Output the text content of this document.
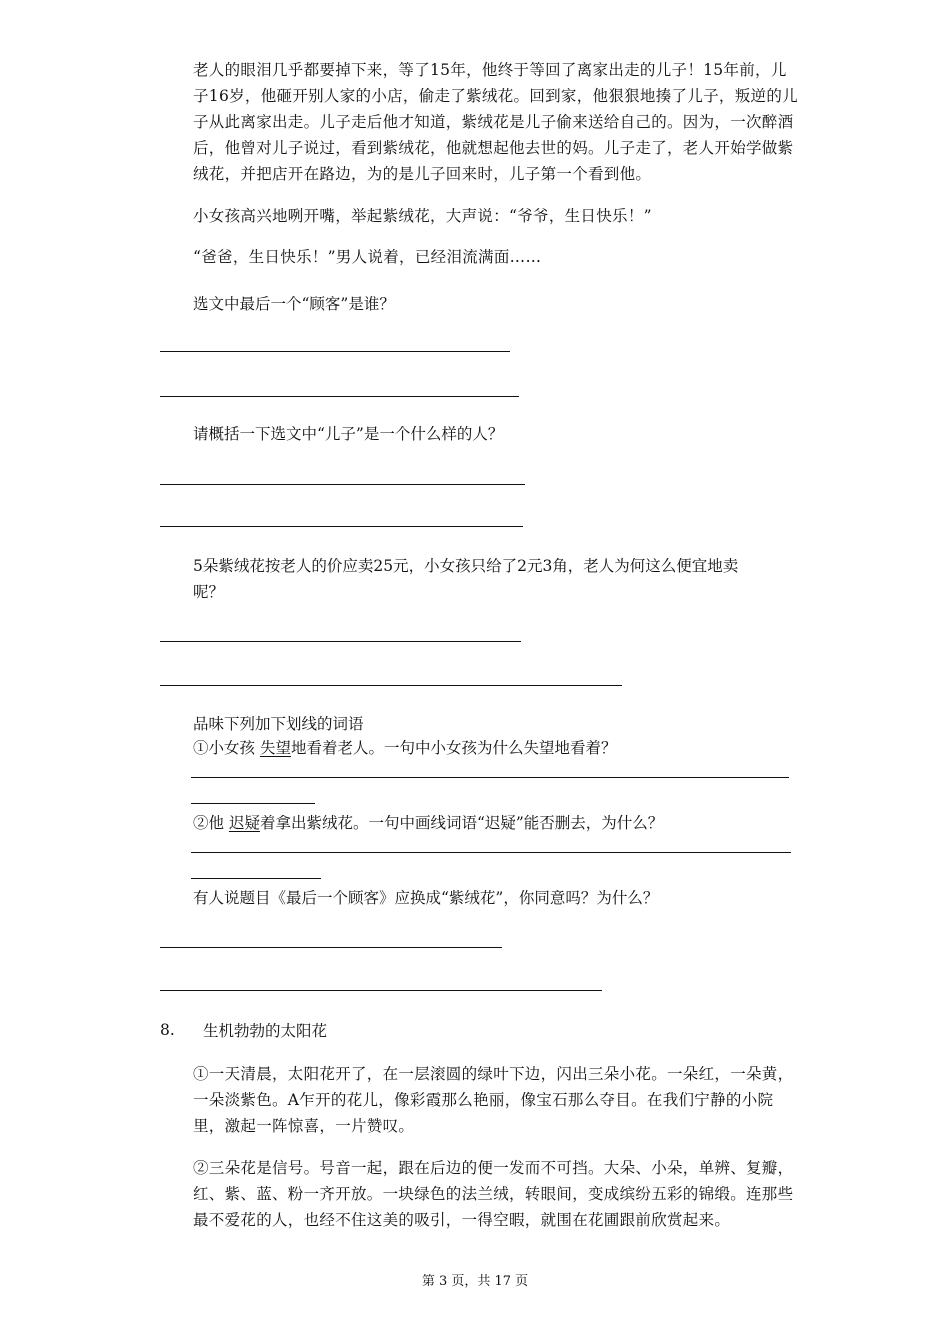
老人的眼泪几乎都要掉下来，等了15年，他终于等回了离家出走的儿子！15年前，儿子16岁，他砸开别人家的小店，偷走了紫绒花。回到家，他狠狠地揍了儿子，叛逆的儿子从此离家出走。儿子走后他才知道，紫绒花是儿子偷来送给自己的。因为，一次醉酒后，他曾对儿子说过，看到紫绒花，他就想起他去世的妈。儿子走了，老人开始学做紫绒花，并把店开在路边，为的是儿子回来时，儿子第一个看到他。

小女孩高兴地咧开嘴，举起紫绒花，大声说：“爷爷，生日快乐！”

“爸爸，生日快乐！”男人说着，已经泪流满面……

选文中最后一个“顾客”是谁？

请概括一下选文中“儿子”是一个什么样的人？

5朵紫绒花按老人的价应卖25元，小女孩只给了2元3角，老人为何这么便宜地卖
呢？

品味下列加下划线的词语

①小女孩 失望地看着老人。一句中小女孩为什么失望地看着？

②他 迟疑着拿出紫绒花。一句中画线词语“迟疑”能否删去，为什么？

有人说题目《最后一个顾客》应换成“紫绒花”，你同意吗？为什么？

8. 生机勃勃的太阳花

①一天清晨，太阳花开了，在一层滚圆的绿叶下边，闪出三朵小花。一朵红，一朵黄，一朵淡紫色。A乍开的花儿，像彩霞那么艳丽，像宝石那么夺目。在我们宁静的小院里，激起一阵惊喜，一片赞叹。

②三朵花是信号。号音一起，跟在后边的便一发而不可挡。大朵、小朵，单辨、复瓣，红、紫、蓝、粉一齐开放。一块绿色的法兰绒，转眼间，变成缤纷五彩的锦缎。连那些最不爱花的人，也经不住这美的吸引，一得空暇，就围在花圃跟前欣赏起来。

第 3 页，共 17 页
